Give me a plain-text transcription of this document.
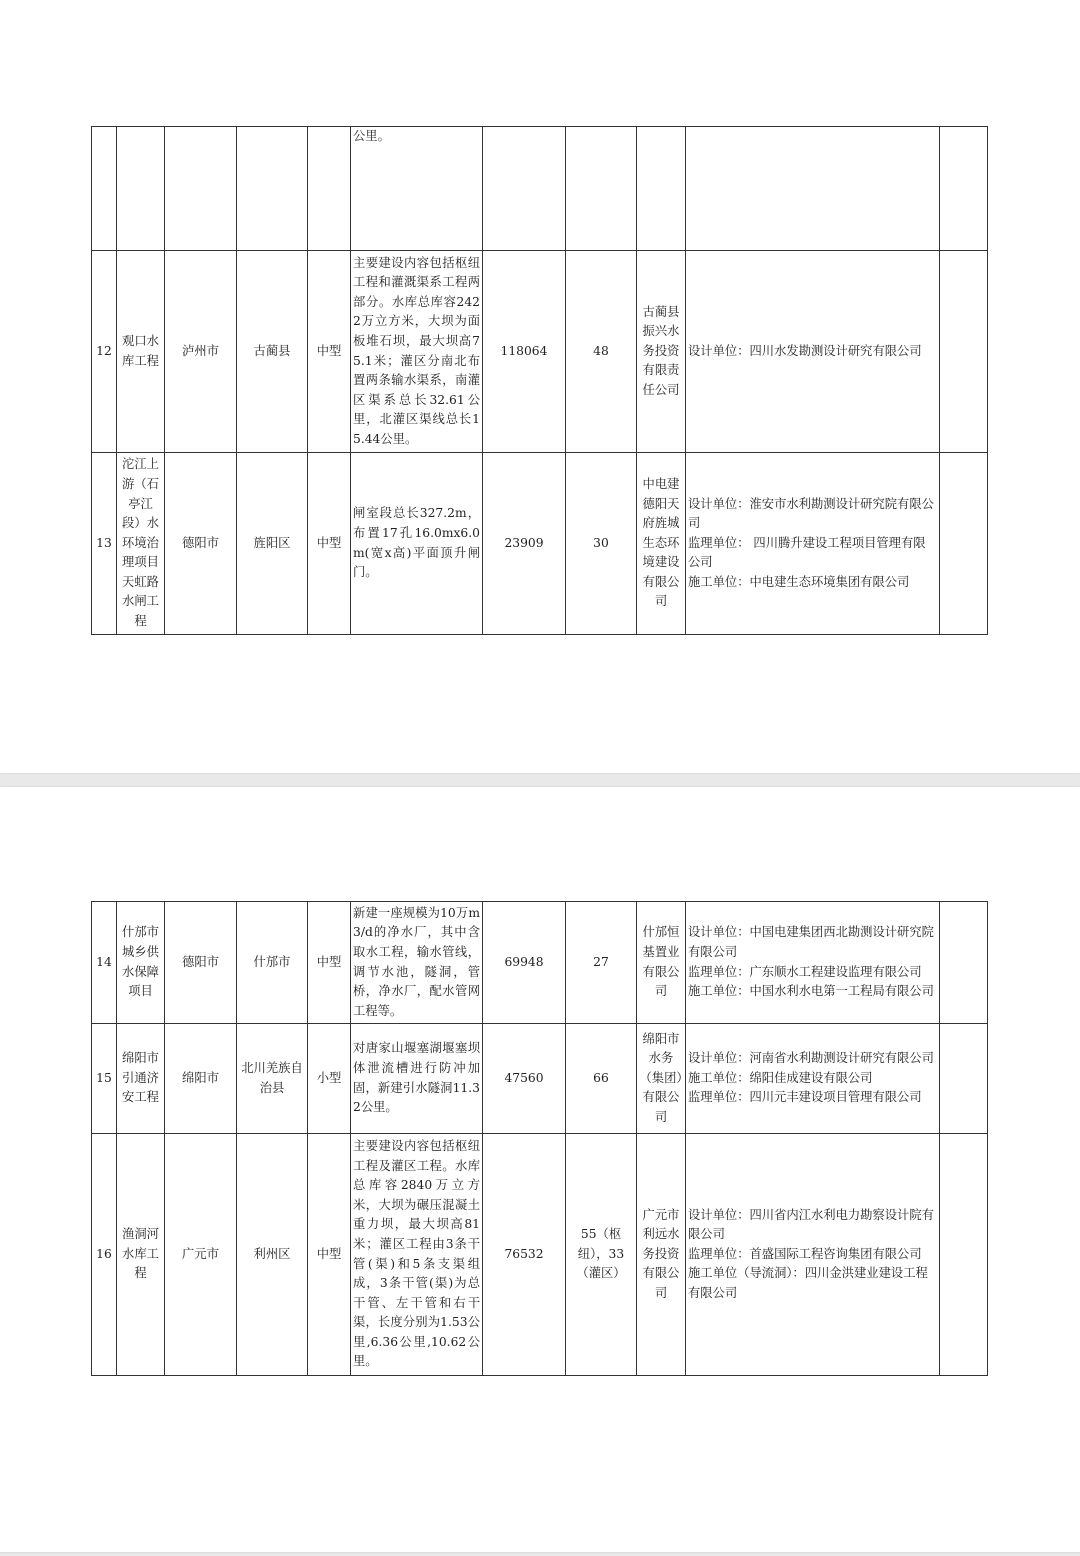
					公里。					
12	观口水库工程	泸州市	古蔺县	中型	主要建设内容包括枢纽工程和灌溉渠系工程两部分。水库总库容2422万立方米，大坝为面板堆石坝，最大坝高75.1米；灌区分南北布置两条输水渠系，南灌区渠系总长32.61公里，北灌区渠线总长15.44公里。	118064	48	古蔺县振兴水务投资有限责任公司	设计单位：四川水发勘测设计研究有限公司	

13	沱江上游（石亭江段）水环境治理项目天虹路水闸工程	德阳市	旌阳区	中型	闸室段总长327.2m，布置17孔16.0mx6.0m(宽x高)平面顶升闸门。	23909	30	中电建德阳天府旌城生态环境建设有限公司	设计单位：淮安市水利勘测设计研究院有限公司
监理单位： 四川腾升建设工程项目管理有限公司
施工单位：中电建生态环境集团有限公司	

14	什邡市城乡供水保障项目	德阳市	什邡市	中型	新建一座规模为10万m3/d的净水厂，其中含取水工程，输水管线，调节水池，隧洞，管桥，净水厂，配水管网工程等。	69948	27	什邡恒基置业有限公司	设计单位：中国电建集团西北勘测设计研究院有限公司
监理单位：广东顺水工程建设监理有限公司
施工单位：中国水利水电第一工程局有限公司	

15	绵阳市引通济安工程	绵阳市	北川羌族自治县	小型	对唐家山堰塞湖堰塞坝体泄流槽进行防冲加固，新建引水隧洞11.32公里。	47560	66	绵阳市水务（集团）有限公司	设计单位：河南省水利勘测设计研究有限公司
施工单位：绵阳佳成建设有限公司
监理单位：四川元丰建设项目管理有限公司	

16	渔洞河水库工程	广元市	利州区	中型	主要建设内容包括枢纽工程及灌区工程。水库总库容2840万立方米，大坝为碾压混凝土重力坝，最大坝高81米；灌区工程由3条干管(渠)和5条支渠组成，3条干管(渠)为总干管、左干管和右干渠，长度分别为1.53公里,6.36公里,10.62公里。	76532	55（枢纽），33（灌区）	广元市利远水务投资有限公司	设计单位：四川省内江水利电力勘察设计院有限公司
监理单位：首盛国际工程咨询集团有限公司
施工单位（导流洞）：四川金洪建业建设工程有限公司	
